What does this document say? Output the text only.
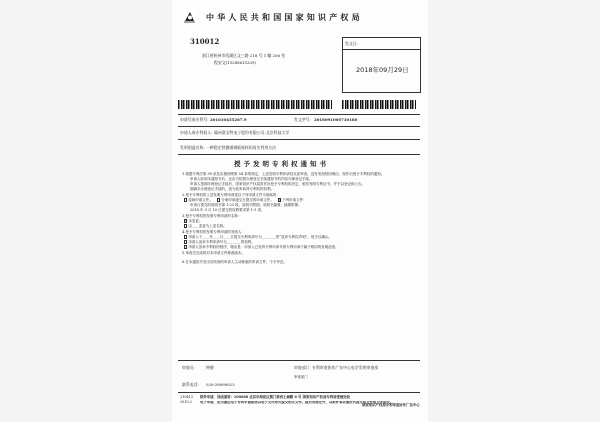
中华人民共和国国家知识产权局
310012
浙江省杭州市西湖区文三路 218 号 1 幢 206 室
程安文(13288615339)
发文日:
2018年09月29日
申请号或专利号: 201610455267.9	发文序号: 2018091000730180
申请人或专利权人: 赣州嘉宝特电子股份有限公司,北京科技大学
发明创造名称: 一种稳定铁微细钢板废料的再生利用方法
授予发明专利权通知书
1.根据专利法第 39 条及实施细则第 54 条的规定，上述发明专利申请经实质审查，没有发现驳回理由，现作出授予专利权的通知。
申请人收到本通知书后，还应当依照办理登记手续通知书的内容办理登记手续。
申请人按期办理登记手续后，国家知识产权局将作出授予专利权的决定，颁发发明专利证书，并予以登记和公告。
期满未办理登记手续的，视为放弃取得专利权的权利。
2.授予专利权的上述发明专利申请是以下列申请文件为基础的：
原始申请文件。 分案申请递交日提交的申请文件。 ✕ 下列申请文件:
申请日提交的说明书第 1-23 段，说明书附图，说明书摘要，摘要附图；
2018 年 9 月 10 日提交的权利要求第 1-3 项。
3.授予专利权的发明专利申请的名称:
✕ 未变更。
由＿＿变更为上述名称。
4.授予专利权的发明专利申请的发明人:
申请人于＿＿年＿＿月＿＿日提交专利申请号为＿＿＿＿的“放弃专利权声明”，现予以确认。
申请人放弃专利申请号为＿＿＿＿的权利。
申请人放弃专利权的程序，理由是：申请人已放弃专利申请号的专利申请不属于相同的发明创造。
5.审查员完成的对本申请文件修改版本。
6.在本通知书发出后收到的申请人主动修改的申请文件，不予考虑。
审查员:	钟健	审查部门 专利审查协作广东中心电学发明审查部
审查部门
联系电话: 020-28998923
210413
2010.2
纸件申请，回函请寄：100088 北京市海淀区蓟门桥西土城路 6 号 国家知识产权局专利局受理处收
电子申请，应当通过电子专利申请系统以电子文件形式提交相关文件。除另有规定外，以纸件等其他形式提交的文件视为未提交。
国家知识产权局专利审查协作广东中心
